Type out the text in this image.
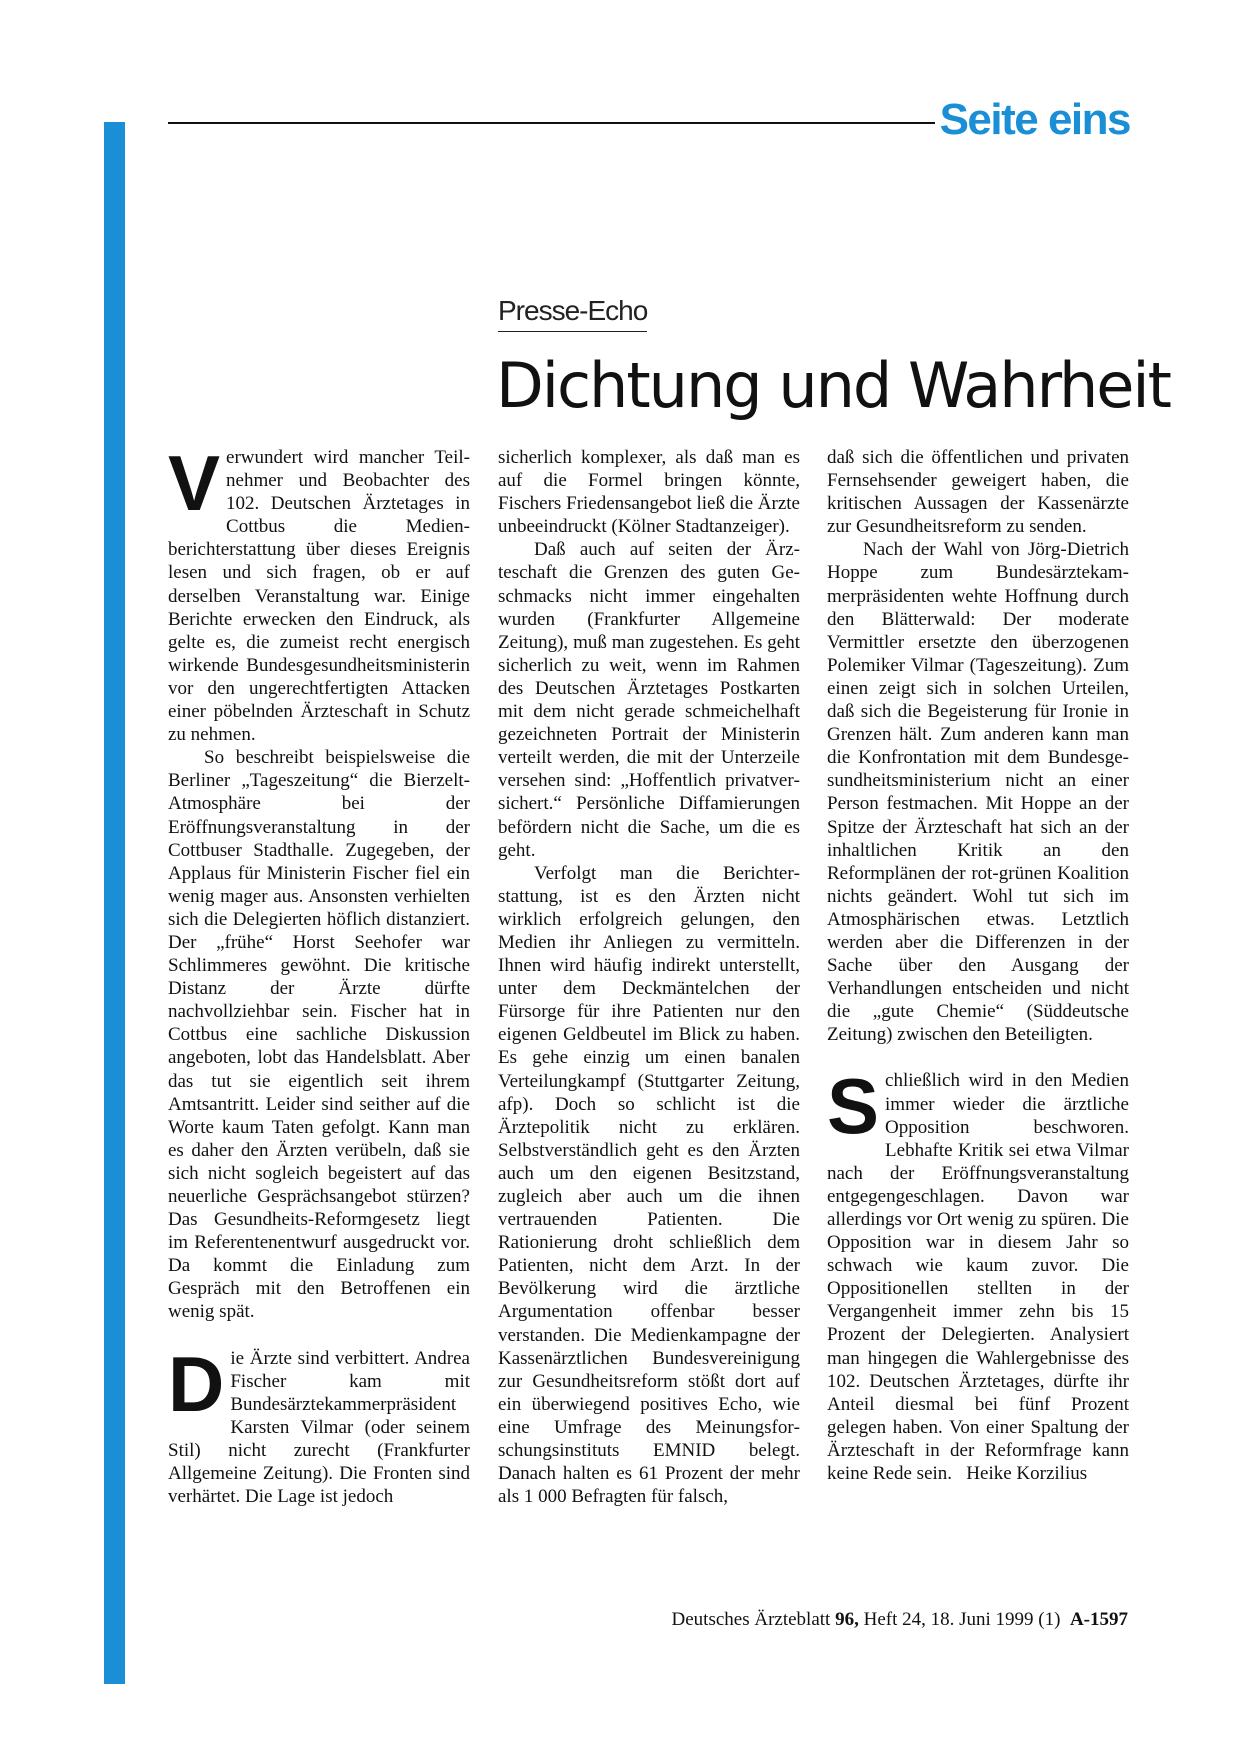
Seite eins
Presse-Echo
Dichtung und Wahrheit

Verwundert wird mancher Teilnehmer und Beobachter des 102. Deutschen Ärztetages in Cottbus die Medienberichterstattung über dieses Ereignis lesen und sich fragen, ob er auf derselben Veranstaltung war. Einige Berichte erwecken den Eindruck, als gelte es, die zumeist recht energisch wirkende Bundesgesundheitsministerin vor den ungerechtfertigten Attacken einer pöbelnden Ärzteschaft in Schutz zu nehmen.

So beschreibt beispielsweise die Berliner „Tageszeitung“ die Bierzelt-Atmosphäre bei der Eröffnungsveranstaltung in der Cottbuser Stadthalle. Zugegeben, der Applaus für Ministerin Fischer fiel ein wenig mager aus. Ansonsten verhielten sich die Delegierten höflich distanziert. Der „frühe“ Horst Seehofer war Schlimmeres gewöhnt. Die kritische Distanz der Ärzte dürfte nachvollziehbar sein. Fischer hat in Cottbus eine sachliche Diskussion angeboten, lobt das Handelsblatt. Aber das tut sie eigentlich seit ihrem Amtsantritt. Leider sind seither auf die Worte kaum Taten gefolgt. Kann man es daher den Ärzten verübeln, daß sie sich nicht sogleich begeistert auf das neuerliche Gesprächsangebot stürzen? Das Gesundheits-Reformgesetz liegt im Referentenentwurf ausgedruckt vor. Da kommt die Einladung zum Gespräch mit den Betroffenen ein wenig spät.

Die Ärzte sind verbittert. Andrea Fischer kam mit Bundesärztekammerpräsident Karsten Vilmar (oder seinem Stil) nicht zurecht (Frankfurter Allgemeine Zeitung). Die Fronten sind verhärtet. Die Lage ist jedoch

sicherlich komplexer, als daß man es auf die Formel bringen könnte, Fischers Friedensangebot ließ die Ärzte unbeeindruckt (Kölner Stadtanzeiger).

Daß auch auf seiten der Ärzteschaft die Grenzen des guten Geschmacks nicht immer eingehalten wurden (Frankfurter Allgemeine Zeitung), muß man zugestehen. Es geht sicherlich zu weit, wenn im Rahmen des Deutschen Ärztetages Postkarten mit dem nicht gerade schmeichelhaft gezeichneten Portrait der Ministerin verteilt werden, die mit der Unterzeile versehen sind: „Hoffentlich privatversichert.“ Persönliche Diffamierungen befördern nicht die Sache, um die es geht.

Verfolgt man die Berichterstattung, ist es den Ärzten nicht wirklich erfolgreich gelungen, den Medien ihr Anliegen zu vermitteln. Ihnen wird häufig indirekt unterstellt, unter dem Deckmäntelchen der Fürsorge für ihre Patienten nur den eigenen Geldbeutel im Blick zu haben. Es gehe einzig um einen banalen Verteilungkampf (Stuttgarter Zeitung, afp). Doch so schlicht ist die Ärztepolitik nicht zu erklären. Selbstverständlich geht es den Ärzten auch um den eigenen Besitzstand, zugleich aber auch um die ihnen vertrauenden Patienten. Die Rationierung droht schließlich dem Patienten, nicht dem Arzt. In der Bevölkerung wird die ärztliche Argumentation offenbar besser verstanden. Die Medienkampagne der Kassenärztlichen Bundesvereinigung zur Gesundheitsreform stößt dort auf ein überwiegend positives Echo, wie eine Umfrage des Meinungsforschungsinstituts EMNID belegt. Danach halten es 61 Prozent der mehr als 1 000 Befragten für falsch,

daß sich die öffentlichen und privaten Fernsehsender geweigert haben, die kritischen Aussagen der Kassenärzte zur Gesundheitsreform zu senden.

Nach der Wahl von Jörg-Dietrich Hoppe zum Bundesärztekammerpräsidenten wehte Hoffnung durch den Blätterwald: Der moderate Vermittler ersetzte den überzogenen Polemiker Vilmar (Tageszeitung). Zum einen zeigt sich in solchen Urteilen, daß sich die Begeisterung für Ironie in Grenzen hält. Zum anderen kann man die Konfrontation mit dem Bundesgesundheitsministerium nicht an einer Person festmachen. Mit Hoppe an der Spitze der Ärzteschaft hat sich an der inhaltlichen Kritik an den Reformplänen der rot-grünen Koalition nichts geändert. Wohl tut sich im Atmosphärischen etwas. Letztlich werden aber die Differenzen in der Sache über den Ausgang der Verhandlungen entscheiden und nicht die „gute Chemie“ (Süddeutsche Zeitung) zwischen den Beteiligten.

Schließlich wird in den Medien immer wieder die ärztliche Opposition beschworen. Lebhafte Kritik sei etwa Vilmar nach der Eröffnungsveranstaltung entgegengeschlagen. Davon war allerdings vor Ort wenig zu spüren. Die Opposition war in diesem Jahr so schwach wie kaum zuvor. Die Oppositionellen stellten in der Vergangenheit immer zehn bis 15 Prozent der Delegierten. Analysiert man hingegen die Wahlergebnisse des 102. Deutschen Ärztetages, dürfte ihr Anteil diesmal bei fünf Prozent gelegen haben. Von einer Spaltung der Ärzteschaft in der Reformfrage kann keine Rede sein. Heike Korzilius

Deutsches Ärzteblatt 96, Heft 24, 18. Juni 1999 (1) A-1597
